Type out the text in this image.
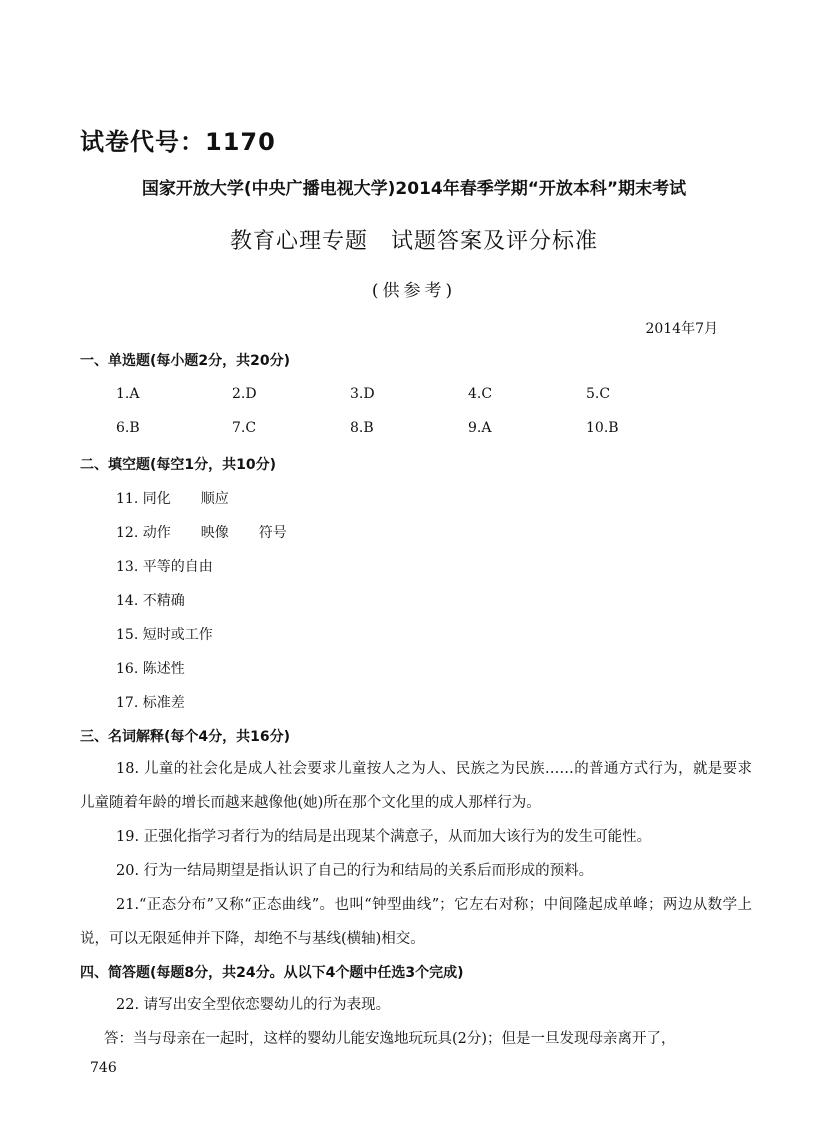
试卷代号：1170
国家开放大学(中央广播电视大学)2014年春季学期“开放本科”期末考试
教育心理专题　试题答案及评分标准
(供参考)
2014年7月
一、单选题(每小题2分，共20分)
1.A	2.D	3.D	4.C	5.C
6.B	7.C	8.B	9.A	10.B
二、填空题(每空1分，共10分)
11. 同化 顺应
12. 动作 映像 符号
13. 平等的自由
14. 不精确
15. 短时或工作
16. 陈述性
17. 标准差
三、名词解释(每个4分，共16分)
18. 儿童的社会化是成人社会要求儿童按人之为人、民族之为民族……的普通方式行为，就是要求儿童随着年龄的增长而越来越像他(她)所在那个文化里的成人那样行为。
19. 正强化指学习者行为的结局是出现某个满意子，从而加大该行为的发生可能性。
20. 行为一结局期望是指认识了自己的行为和结局的关系后而形成的预料。
21.“正态分布”又称“正态曲线”。也叫“钟型曲线”；它左右对称；中间隆起成单峰；两边从数学上说，可以无限延伸并下降，却绝不与基线(横轴)相交。
四、简答题(每题8分，共24分。从以下4个题中任选3个完成)
22. 请写出安全型依恋婴幼儿的行为表现。
答：当与母亲在一起时，这样的婴幼儿能安逸地玩玩具(2分)；但是一旦发现母亲离开了，
746
